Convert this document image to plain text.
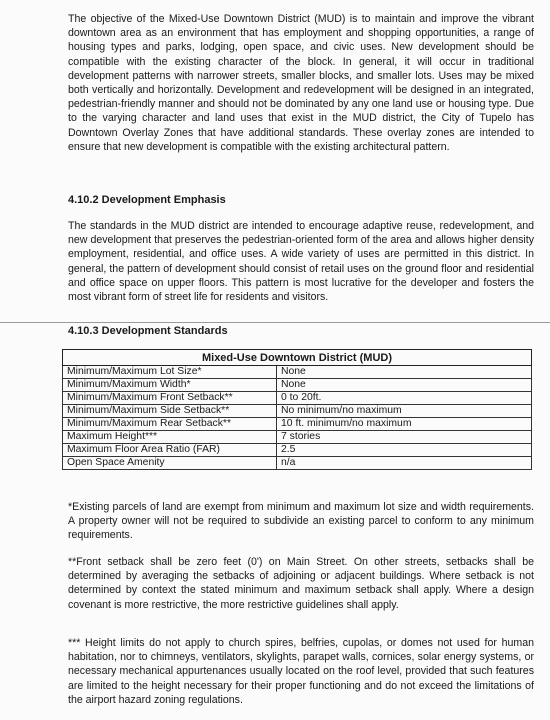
The objective of the Mixed-Use Downtown District (MUD) is to maintain and improve the vibrant downtown area as an environment that has employment and shopping opportunities, a range of housing types and parks, lodging, open space, and civic uses. New development should be compatible with the existing character of the block. In general, it will occur in traditional development patterns with narrower streets, smaller blocks, and smaller lots. Uses may be mixed both vertically and horizontally. Development and redevelopment will be designed in an integrated, pedestrian-friendly manner and should not be dominated by any one land use or housing type. Due to the varying character and land uses that exist in the MUD district, the City of Tupelo has Downtown Overlay Zones that have additional standards. These overlay zones are intended to ensure that new development is compatible with the existing architectural pattern.

4.10.2 Development Emphasis

The standards in the MUD district are intended to encourage adaptive reuse, redevelopment, and new development that preserves the pedestrian-oriented form of the area and allows higher density employment, residential, and office uses. A wide variety of uses are permitted in this district. In general, the pattern of development should consist of retail uses on the ground floor and residential and office space on upper floors. This pattern is most lucrative for the developer and fosters the most vibrant form of street life for residents and visitors.

4.10.3 Development Standards

Mixed-Use Downtown District (MUD)	
Minimum/Maximum Lot Size*	None
Minimum/Maximum Width*	None
Minimum/Maximum Front Setback**	0 to 20ft.
Minimum/Maximum Side Setback**	No minimum/no maximum
Minimum/Maximum Rear Setback**	10 ft. minimum/no maximum
Maximum Height***	7 stories
Maximum Floor Area Ratio (FAR)	2.5
Open Space Amenity	n/a

*Existing parcels of land are exempt from minimum and maximum lot size and width requirements. A property owner will not be required to subdivide an existing parcel to conform to any minimum requirements.

**Front setback shall be zero feet (0') on Main Street. On other streets, setbacks shall be determined by averaging the setbacks of adjoining or adjacent buildings. Where setback is not determined by context the stated minimum and maximum setback shall apply. Where a design covenant is more restrictive, the more restrictive guidelines shall apply.

*** Height limits do not apply to church spires, belfries, cupolas, or domes not used for human habitation, nor to chimneys, ventilators, skylights, parapet walls, cornices, solar energy systems, or necessary mechanical appurtenances usually located on the roof level, provided that such features are limited to the height necessary for their proper functioning and do not exceed the limitations of the airport hazard zoning regulations.
